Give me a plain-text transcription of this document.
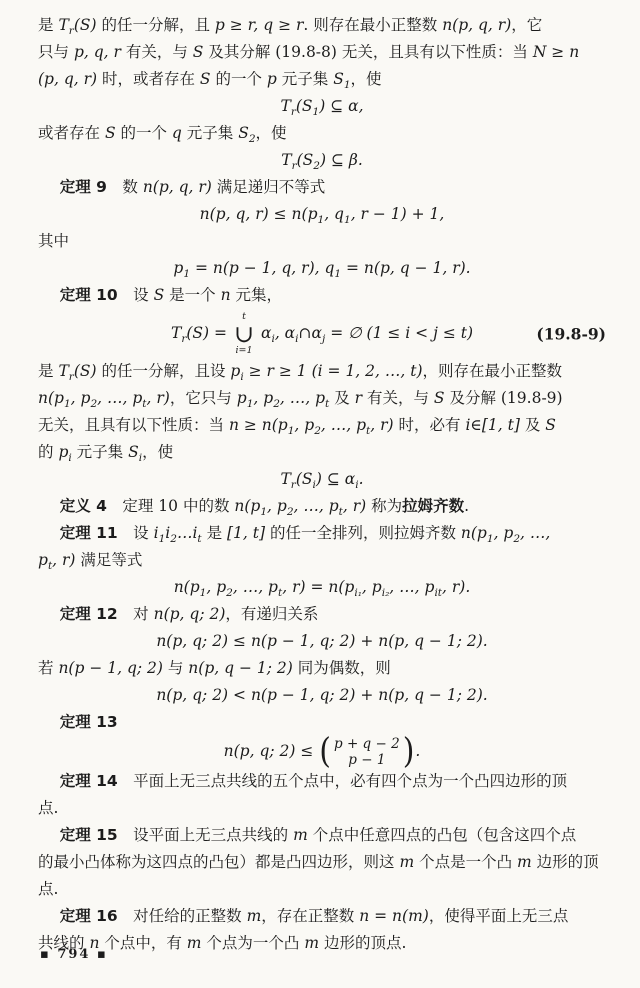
是 $T_r(S)$ 的任一分解，且 p ≥ r, q ≥ r. 则存在最小正整数 n(p, q, r)，它
只与 p, q, r 有关，与 S 及其分解 (19.8-8) 无关，且具有以下性质：当 N ≥ n
(p, q, r) 时，或者存在 S 的一个 p 元子集 $S_1$，使
$T_r(S_1)$ ⊆ α,
或者存在 S 的一个 q 元子集 $S_2$，使
$T_r(S_2)$ ⊆ β.
定理 9　数 n(p, q, r) 满足递归不等式
n(p, q, $r) \le n(p_1$, $q_1$, r − 1) + 1,
其中
$p_1 = n(p - 1$, q, r), $q_1 = n(p$, q − 1, r).
定理 10　设 S 是一个 n 元集，
$T_r(S)$ =
t
∪
i=1
$\alpha_i$, $\alpha_i\cap\alpha_j$ = ∅ (1 ≤ i < j ≤ t)	(19.8-9)
是 $T_r(S)$ 的任一分解，且设 $p_i \ge r \ge 1$ (i = 1, 2, …, t)，则存在最小正整数
$n(p_1$, $p_2$, …, $p_t$, r)，它只与 $p_1$, $p_2$, …, $p_t$ 及 r 有关，与 S 及分解 (19.8-9)
无关，且具有以下性质：当 $n \ge n(p_1$, $p_2$, …, $p_t$, r) 时，必有 i∈[1, t] 及 S
的 $p_i$ 元子集 $S_i$，使
$T_r(S_i)$ ⊆ $\alpha_i$.
定义 4　定理 10 中的数 $n(p_1$, $p_2$, …, $p_t$, r) 称为拉姆齐数.
定理 11　设 $i_1i_2\dots i_t$ 是 [1, t] 的任一全排列，则拉姆齐数 $n(p_1$, $p_2$, …,
$p_t$, r) 满足等式
$n(p_1$, $p_2$, …, $p_t$, $r) = n(p_{i_1}$, $p_{i_2}$, …, $p_{it}$, r).
定理 12　对 n(p, q; 2)，有递归关系
n(p, q; 2) ≤ n(p − 1, q; 2) + n(p, q − 1; 2).
若 n(p − 1, q; 2) 与 n(p, q − 1; 2) 同为偶数，则
n(p, q; 2) < n(p − 1, q; 2) + n(p, q − 1; 2).
定理 13
n(p, q; 2) ≤ ( p + q − 2
p − 1 ) .
定理 14　平面上无三点共线的五个点中，必有四个点为一个凸四边形的顶
点.
定理 15　设平面上无三点共线的 m 个点中任意四点的凸包（包含这四个点
的最小凸体称为这四点的凸包）都是凸四边形，则这 m 个点是一个凸 m 边形的顶
点.
定理 16　对任给的正整数 m，存在正整数 n = n(m)，使得平面上无三点
共线的 n 个点中，有 m 个点为一个凸 m 边形的顶点.
▪ 794 ▪
